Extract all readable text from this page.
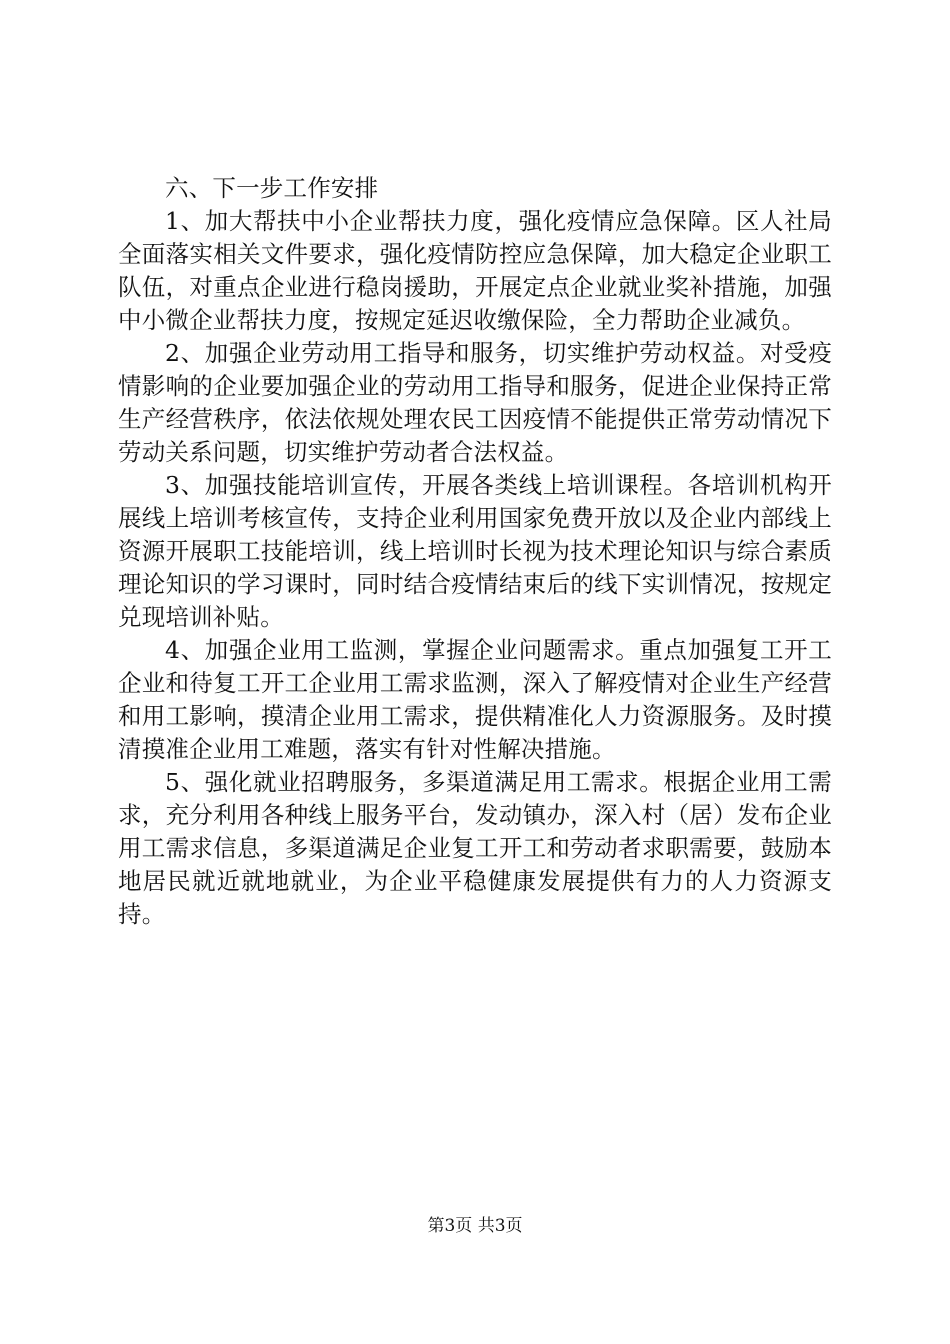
六、下一步工作安排

1、加大帮扶中小企业帮扶力度，强化疫情应急保障。区人社局全面落实相关文件要求，强化疫情防控应急保障，加大稳定企业职工队伍，对重点企业进行稳岗援助，开展定点企业就业奖补措施，加强中小微企业帮扶力度，按规定延迟收缴保险，全力帮助企业减负。

2、加强企业劳动用工指导和服务，切实维护劳动权益。对受疫情影响的企业要加强企业的劳动用工指导和服务，促进企业保持正常生产经营秩序，依法依规处理农民工因疫情不能提供正常劳动情况下劳动关系问题，切实维护劳动者合法权益。

3、加强技能培训宣传，开展各类线上培训课程。各培训机构开展线上培训考核宣传，支持企业利用国家免费开放以及企业内部线上资源开展职工技能培训，线上培训时长视为技术理论知识与综合素质理论知识的学习课时，同时结合疫情结束后的线下实训情况，按规定兑现培训补贴。

4、加强企业用工监测，掌握企业问题需求。重点加强复工开工企业和待复工开工企业用工需求监测，深入了解疫情对企业生产经营和用工影响，摸清企业用工需求，提供精准化人力资源服务。及时摸清摸准企业用工难题，落实有针对性解决措施。

5、强化就业招聘服务，多渠道满足用工需求。根据企业用工需求，充分利用各种线上服务平台，发动镇办，深入村（居）发布企业用工需求信息，多渠道满足企业复工开工和劳动者求职需要，鼓励本地居民就近就地就业，为企业平稳健康发展提供有力的人力资源支持。

第3页 共3页
